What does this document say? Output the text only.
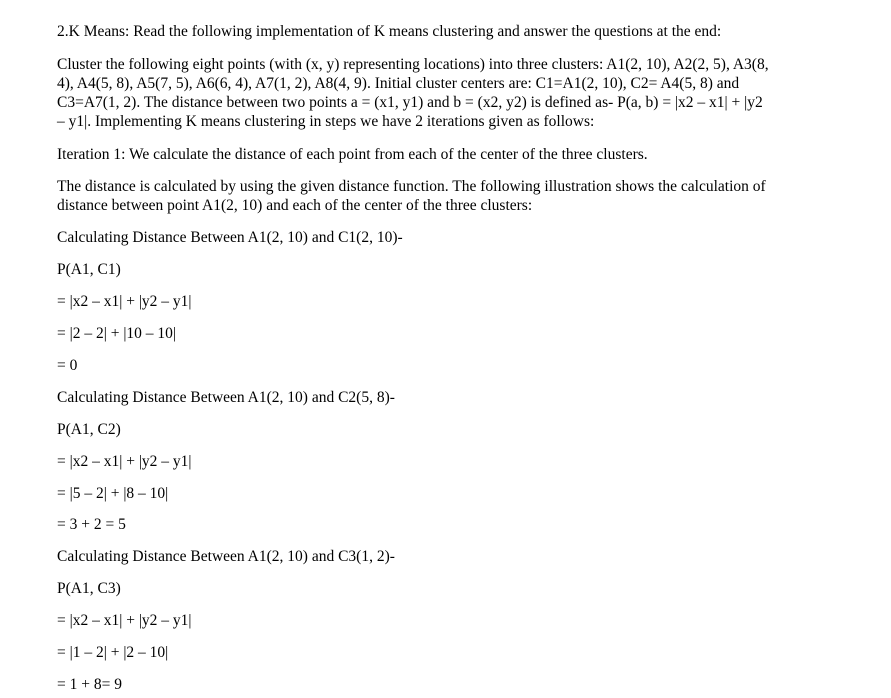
2.K Means: Read the following implementation of K means clustering and answer the questions at the end:

Cluster the following eight points (with (x, y) representing locations) into three clusters: A1(2, 10), A2(2, 5), A3(8,

4), A4(5, 8), A5(7, 5), A6(6, 4), A7(1, 2), A8(4, 9). Initial cluster centers are: C1=A1(2, 10), C2= A4(5, 8) and

C3=A7(1, 2). The distance between two points a = (x1, y1) and b = (x2, y2) is defined as- P(a, b) = |x2 – x1| + |y2

– y1|. Implementing K means clustering in steps we have 2 iterations given as follows:

Iteration 1: We calculate the distance of each point from each of the center of the three clusters.

The distance is calculated by using the given distance function. The following illustration shows the calculation of

distance between point A1(2, 10) and each of the center of the three clusters:

Calculating Distance Between A1(2, 10) and C1(2, 10)-

P(A1, C1)

= |x2 – x1| + |y2 – y1|

= |2 – 2| + |10 – 10|

= 0

Calculating Distance Between A1(2, 10) and C2(5, 8)-

P(A1, C2)

= |x2 – x1| + |y2 – y1|

= |5 – 2| + |8 – 10|

= 3 + 2 = 5

Calculating Distance Between A1(2, 10) and C3(1, 2)-

P(A1, C3)

= |x2 – x1| + |y2 – y1|

= |1 – 2| + |2 – 10|

= 1 + 8= 9
